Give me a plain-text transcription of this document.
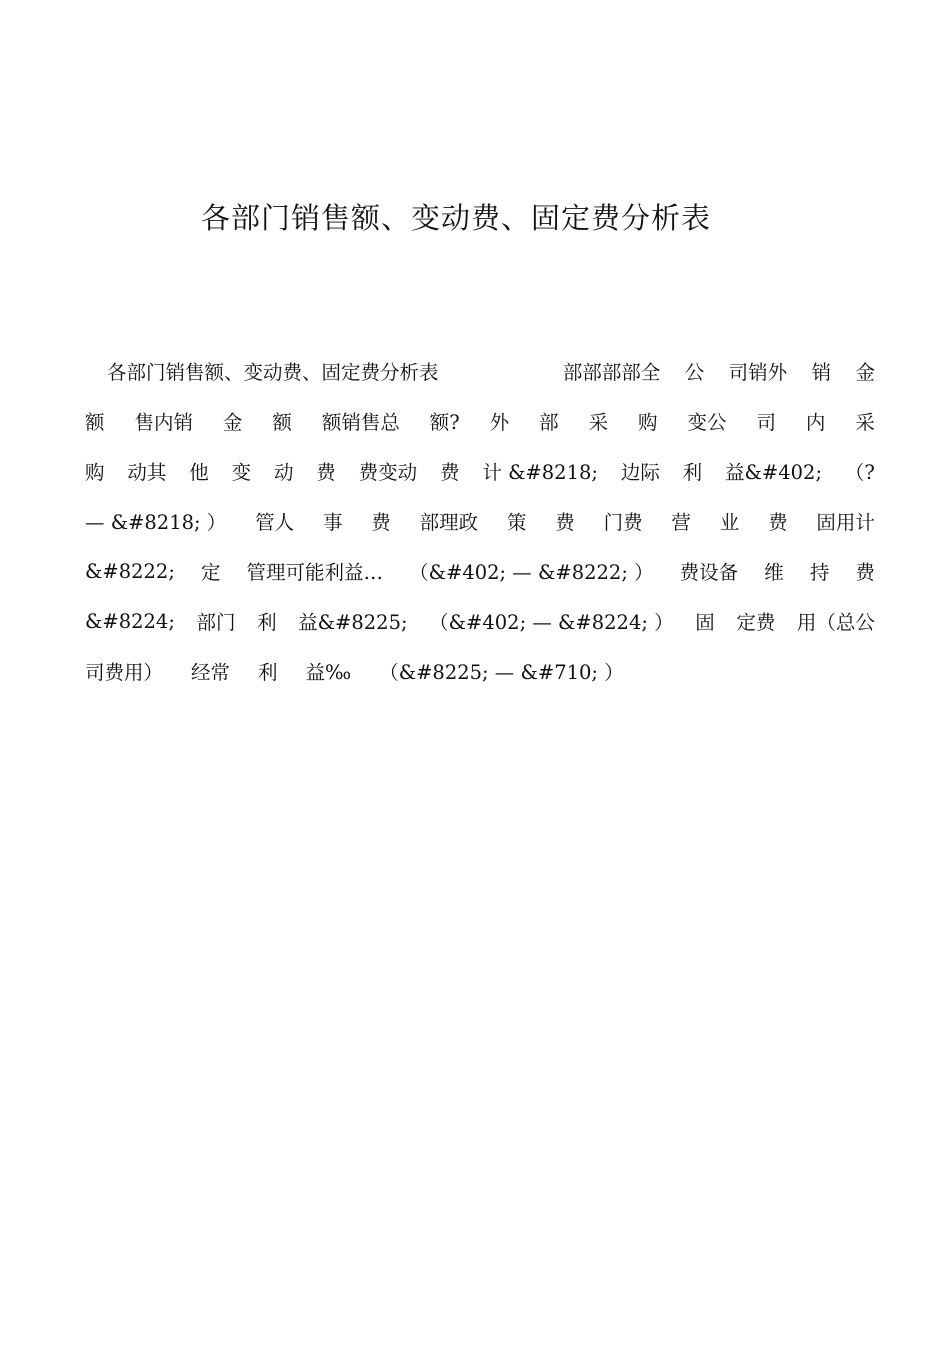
各部门销售额、变动费、固定费分析表
各部门销售额、变动费、固定费分析表	部部部部全 公 司销外 销 金
额 售内销 金 额 额销售总 额? 外 部 采 购 变公 司 内 采
购 动其 他 变 动 费 费变动 费 计 &#8218; 边际 利 益&#402; （?
— &#8218; ） 管人 事 费 部理政 策 费 门费 营 业 费 固用计
&#8222; 定 管理可能利益… （&#402; — &#8222; ） 费设备 维 持 费
&#8224; 部门 利 益&#8225; （&#402; — &#8224; ） 固 定费 用（总公
司费用） 经常 利 益‰ （&#8225; — &#710; ）
